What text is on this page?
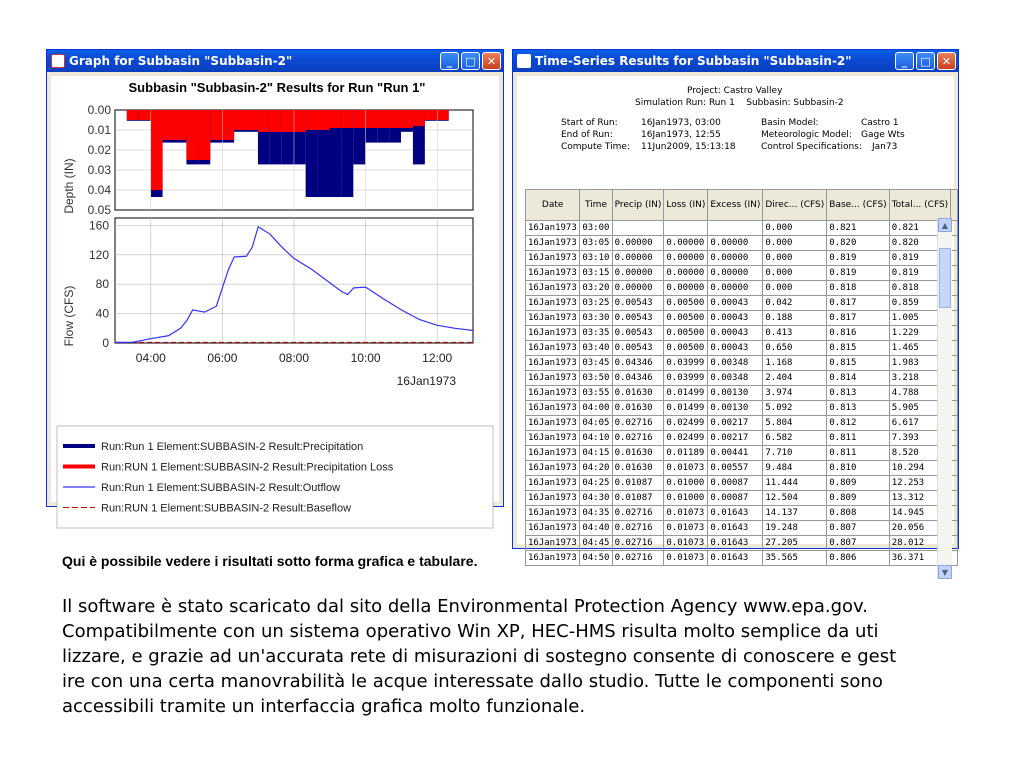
Graph for Subbasin "Subbasin-2"	_	□	✕
Subbasin "Subbasin-2" Results for Run "Run 1"
Depth (IN)
Flow (CFS)
16Jan1973
0.00
0.01
0.02
0.03
0.04
0.05
160
120
80
40
0
04:00	06:00	08:00	10:00	12:00
Run:Run 1 Element:SUBBASIN-2 Result:Precipitation
Run:RUN 1 Element:SUBBASIN-2 Result:Precipitation Loss
Run:Run 1 Element:SUBBASIN-2 Result:Outflow
Run:RUN 1 Element:SUBBASIN-2 Result:Baseflow
Time-Series Results for Subbasin "Subbasin-2"	_	□	✕
Project: Castro Valley
Simulation Run: Run 1    Subbasin: Subbasin-2
Start of Run:	16Jan1973, 03:00
End of Run:	16Jan1973, 12:55
Compute Time: 11Jun2009, 15:13:18
Basin Model:	Castro 1
Meteorologic Model: Gage Wts
Control Specifications: Jan73
Date	Time	Precip (IN)	Loss (IN)	Excess (IN)	Direc... (CFS)	Base... (CFS)	Total... (CFS)	
16Jan1973	03:00				0.000	0.821	0.821	
16Jan1973	03:05	0.00000	0.00000	0.00000	0.000	0.820	0.820	
16Jan1973	03:10	0.00000	0.00000	0.00000	0.000	0.819	0.819	
16Jan1973	03:15	0.00000	0.00000	0.00000	0.000	0.819	0.819	
16Jan1973	03:20	0.00000	0.00000	0.00000	0.000	0.818	0.818	
16Jan1973	03:25	0.00543	0.00500	0.00043	0.042	0.817	0.859	
16Jan1973	03:30	0.00543	0.00500	0.00043	0.188	0.817	1.005	
16Jan1973	03:35	0.00543	0.00500	0.00043	0.413	0.816	1.229	
16Jan1973	03:40	0.00543	0.00500	0.00043	0.650	0.815	1.465	
16Jan1973	03:45	0.04346	0.03999	0.00348	1.168	0.815	1.983	
16Jan1973	03:50	0.04346	0.03999	0.00348	2.404	0.814	3.218	
16Jan1973	03:55	0.01630	0.01499	0.00130	3.974	0.813	4.788	
16Jan1973	04:00	0.01630	0.01499	0.00130	5.092	0.813	5.905	
16Jan1973	04:05	0.02716	0.02499	0.00217	5.804	0.812	6.617	
16Jan1973	04:10	0.02716	0.02499	0.00217	6.582	0.811	7.393	
16Jan1973	04:15	0.01630	0.01189	0.00441	7.710	0.811	8.520	
16Jan1973	04:20	0.01630	0.01073	0.00557	9.484	0.810	10.294	
16Jan1973	04:25	0.01087	0.01000	0.00087	11.444	0.809	12.253	
16Jan1973	04:30	0.01087	0.01000	0.00087	12.504	0.809	13.312	
16Jan1973	04:35	0.02716	0.01073	0.01643	14.137	0.808	14.945	
16Jan1973	04:40	0.02716	0.01073	0.01643	19.248	0.807	20.056	
16Jan1973	04:45	0.02716	0.01073	0.01643	27.205	0.807	28.012	
16Jan1973	04:50	0.02716	0.01073	0.01643	35.565	0.806	36.371	
▲
▼
Qui è possibile vedere i risultati sotto forma grafica e tabulare.
Il software è stato scaricato dal sito della Environmental Protection Agency www.epa.gov.
Compatibilmente con un sistema operativo Win XP, HEC-HMS risulta molto semplice da uti
lizzare, e grazie ad un'accurata rete di misurazioni di sostegno consente di conoscere e gest
ire con una certa manovrabilità le acque interessate dallo studio. Tutte le componenti sono
accessibili tramite un interfaccia grafica molto funzionale.
